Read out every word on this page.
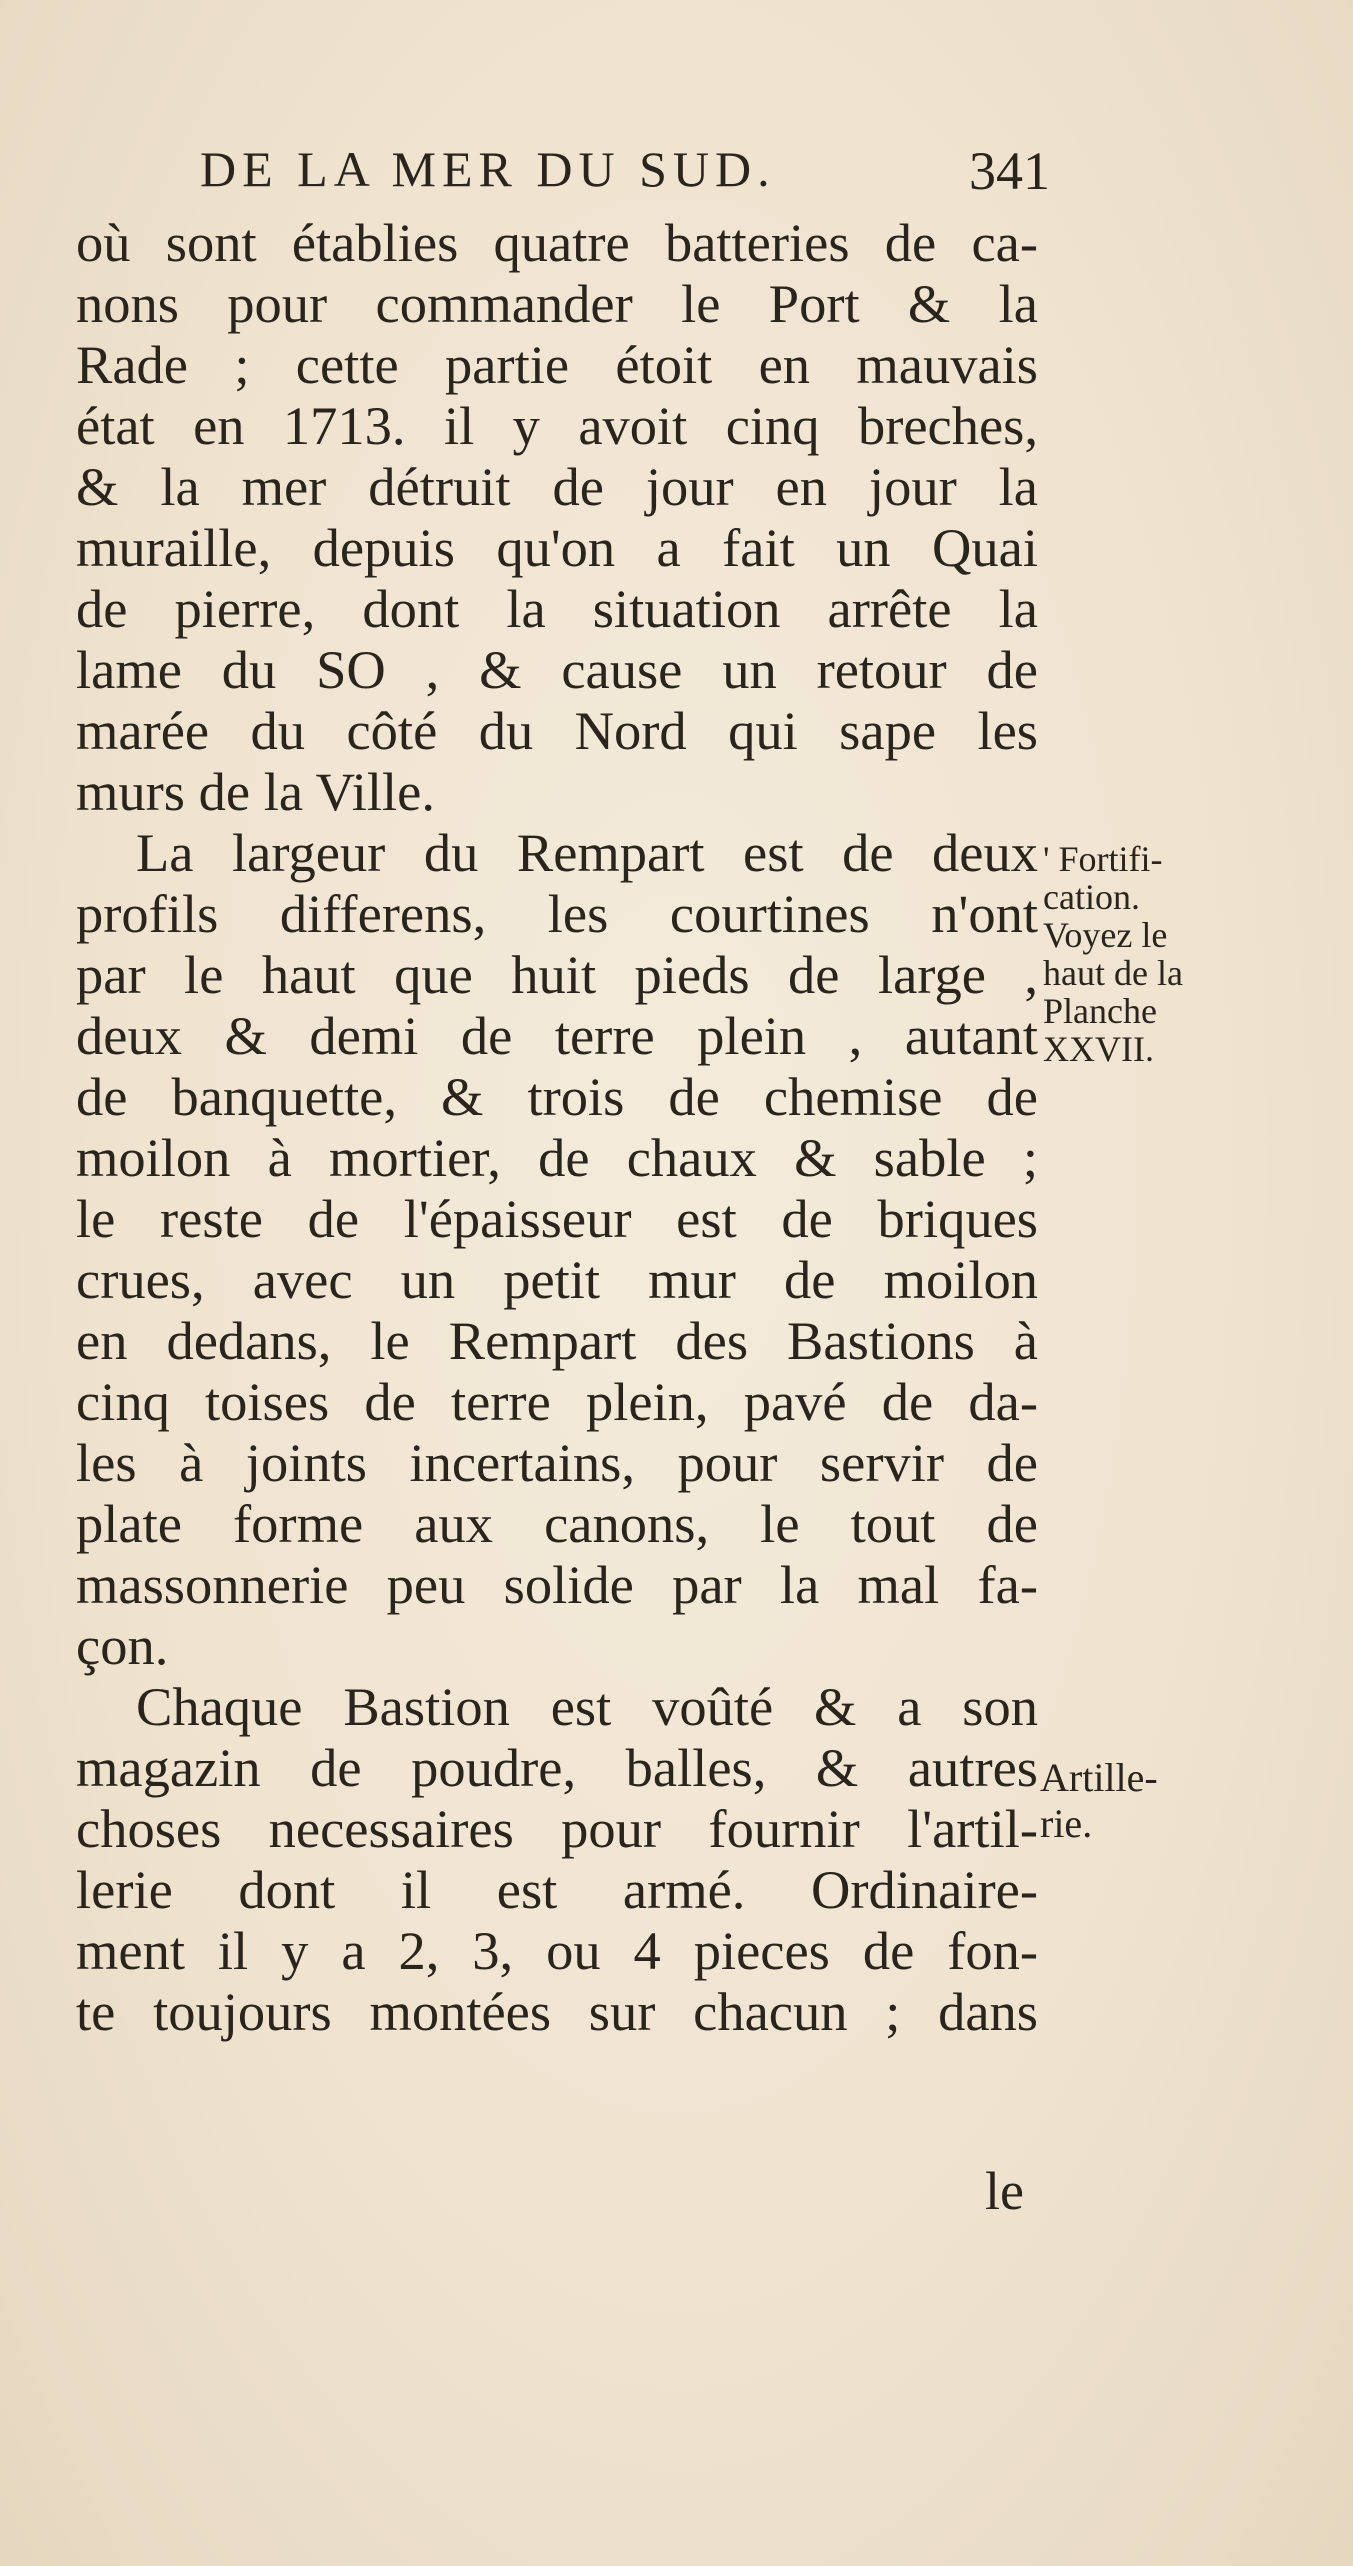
DE LA MER DU SUD.	341
où sont établies quatre batteries de ca-
nons pour commander le Port & la
Rade ; cette partie étoit en mauvais
état en 1713. il y avoit cinq breches,
& la mer détruit de jour en jour la
muraille, depuis qu'on a fait un Quai
de pierre, dont la situation arrête la
lame du SO , & cause un retour de
marée du côté du Nord qui sape les
murs de la Ville.
La largeur du Rempart est de deux
profils differens, les courtines n'ont
par le haut que huit pieds de large ,
deux & demi de terre plein , autant
de banquette, & trois de chemise de
moilon à mortier, de chaux & sable ;
le reste de l'épaisseur est de briques
crues, avec un petit mur de moilon
en dedans, le Rempart des Bastions à
cinq toises de terre plein, pavé de da-
les à joints incertains, pour servir de
plate forme aux canons, le tout de
massonnerie peu solide par la mal fa-
çon.
Chaque Bastion est voûté & a son
magazin de poudre, balles, & autres
choses necessaires pour fournir l'artil-
lerie dont il est armé. Ordinaire-
ment il y a 2, 3, ou 4 pieces de fon-
te toujours montées sur chacun ; dans
le
' Fortifi-
cation.
Voyez le
haut de la
Planche
XXVII.
Artille-
rie.
